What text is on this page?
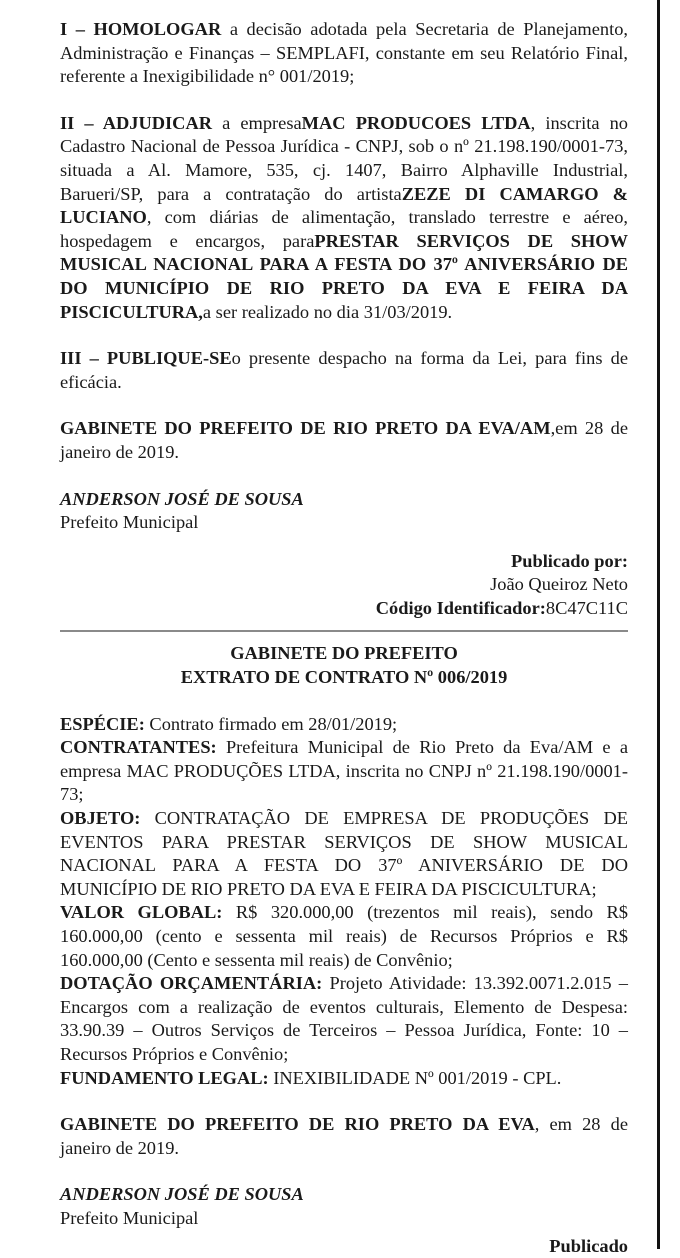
I – HOMOLOGAR a decisão adotada pela Secretaria de Planejamento, Administração e Finanças – SEMPLAFI, constante em seu Relatório Final, referente a Inexigibilidade n° 001/2019;

II – ADJUDICAR a empresaMAC PRODUCOES LTDA, inscrita no Cadastro Nacional de Pessoa Jurídica - CNPJ, sob o nº 21.198.190/0001-73, situada a Al. Mamore, 535, cj. 1407, Bairro Alphaville Industrial, Barueri/SP, para a contratação do artistaZEZE DI CAMARGO & LUCIANO, com diárias de alimentação, translado terrestre e aéreo, hospedagem e encargos, paraPRESTAR SERVIÇOS DE SHOW MUSICAL NACIONAL PARA A FESTA DO 37º ANIVERSÁRIO DE DO MUNICÍPIO DE RIO PRETO DA EVA E FEIRA DA PISCICULTURA,a ser realizado no dia 31/03/2019.

III – PUBLIQUE-SEo presente despacho na forma da Lei, para fins de eficácia.

GABINETE DO PREFEITO DE RIO PRETO DA EVA/AM,em 28 de janeiro de 2019.

ANDERSON JOSÉ DE SOUSA
Prefeito Municipal
Publicado por:
João Queiroz Neto
Código Identificador:8C47C11C
GABINETE DO PREFEITO
EXTRATO DE CONTRATO Nº 006/2019

ESPÉCIE: Contrato firmado em 28/01/2019;

CONTRATANTES: Prefeitura Municipal de Rio Preto da Eva/AM e a empresa MAC PRODUÇÕES LTDA, inscrita no CNPJ nº 21.198.190/0001-73;

OBJETO: CONTRATAÇÃO DE EMPRESA DE PRODUÇÕES DE EVENTOS PARA PRESTAR SERVIÇOS DE SHOW MUSICAL NACIONAL PARA A FESTA DO 37º ANIVERSÁRIO DE DO MUNICÍPIO DE RIO PRETO DA EVA E FEIRA DA PISCICULTURA;

VALOR GLOBAL: R$ 320.000,00 (trezentos mil reais), sendo R$ 160.000,00 (cento e sessenta mil reais) de Recursos Próprios e R$ 160.000,00 (Cento e sessenta mil reais) de Convênio;

DOTAÇÃO ORÇAMENTÁRIA: Projeto Atividade: 13.392.0071.2.015 – Encargos com a realização de eventos culturais, Elemento de Despesa: 33.90.39 – Outros Serviços de Terceiros – Pessoa Jurídica, Fonte: 10 – Recursos Próprios e Convênio;

FUNDAMENTO LEGAL: INEXIBILIDADE Nº 001/2019 - CPL.

GABINETE DO PREFEITO DE RIO PRETO DA EVA, em 28 de janeiro de 2019.

ANDERSON JOSÉ DE SOUSA
Prefeito Municipal
Publicado
